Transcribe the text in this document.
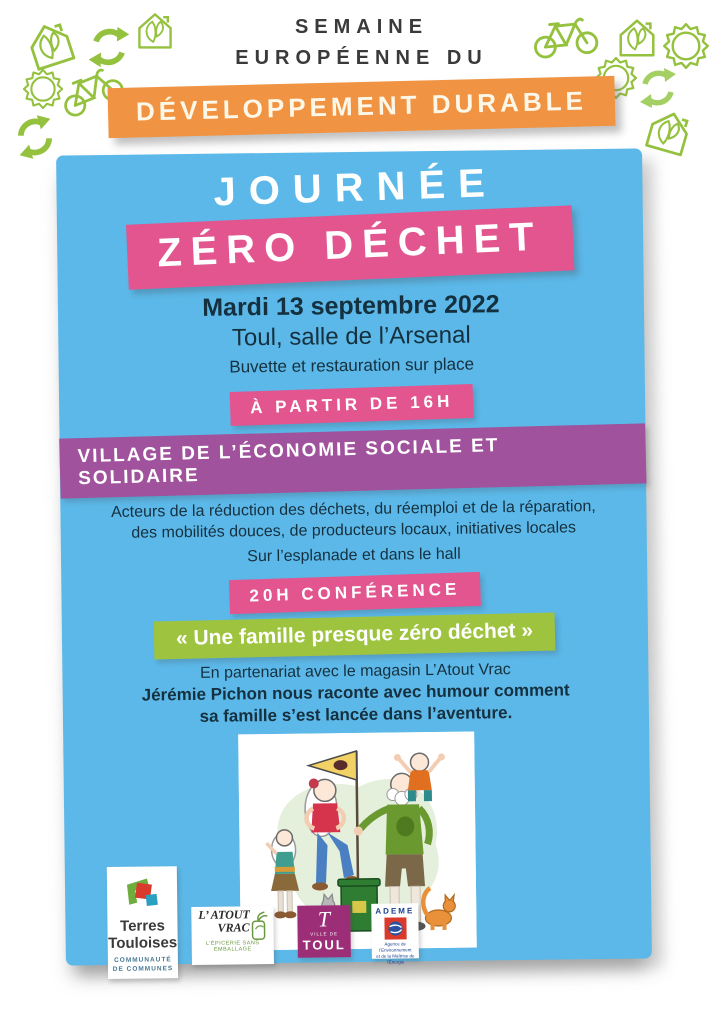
SEMAINE
EUROPÉENNE DU
DÉVELOPPEMENT DURABLE
JOURNÉE
ZÉRO DÉCHET
Mardi 13 septembre 2022
Toul, salle de l’Arsenal
Buvette et restauration sur place
À PARTIR DE 16H
VILLAGE DE L’ÉCONOMIE SOCIALE ET SOLIDAIRE
Acteurs de la réduction des déchets, du réemploi et de la réparation,
des mobilités douces, de producteurs locaux, initiatives locales
Sur l’esplanade et dans le hall
20H CONFÉRENCE
« Une famille presque zéro déchet »
En partenariat avec le magasin L’Atout Vrac
Jérémie Pichon nous raconte avec humour comment
sa famille s’est lancée dans l’aventure.
Terres
Touloises
COMMUNAUTÉ
DE COMMUNES
L’ ATOUT
VRAC
L’ÉPICERIE SANS EMBALLAGE
T
VILLE DE
TOUL
ADEME
Agence de l’Environnement
et de la Maîtrise de l’Énergie
